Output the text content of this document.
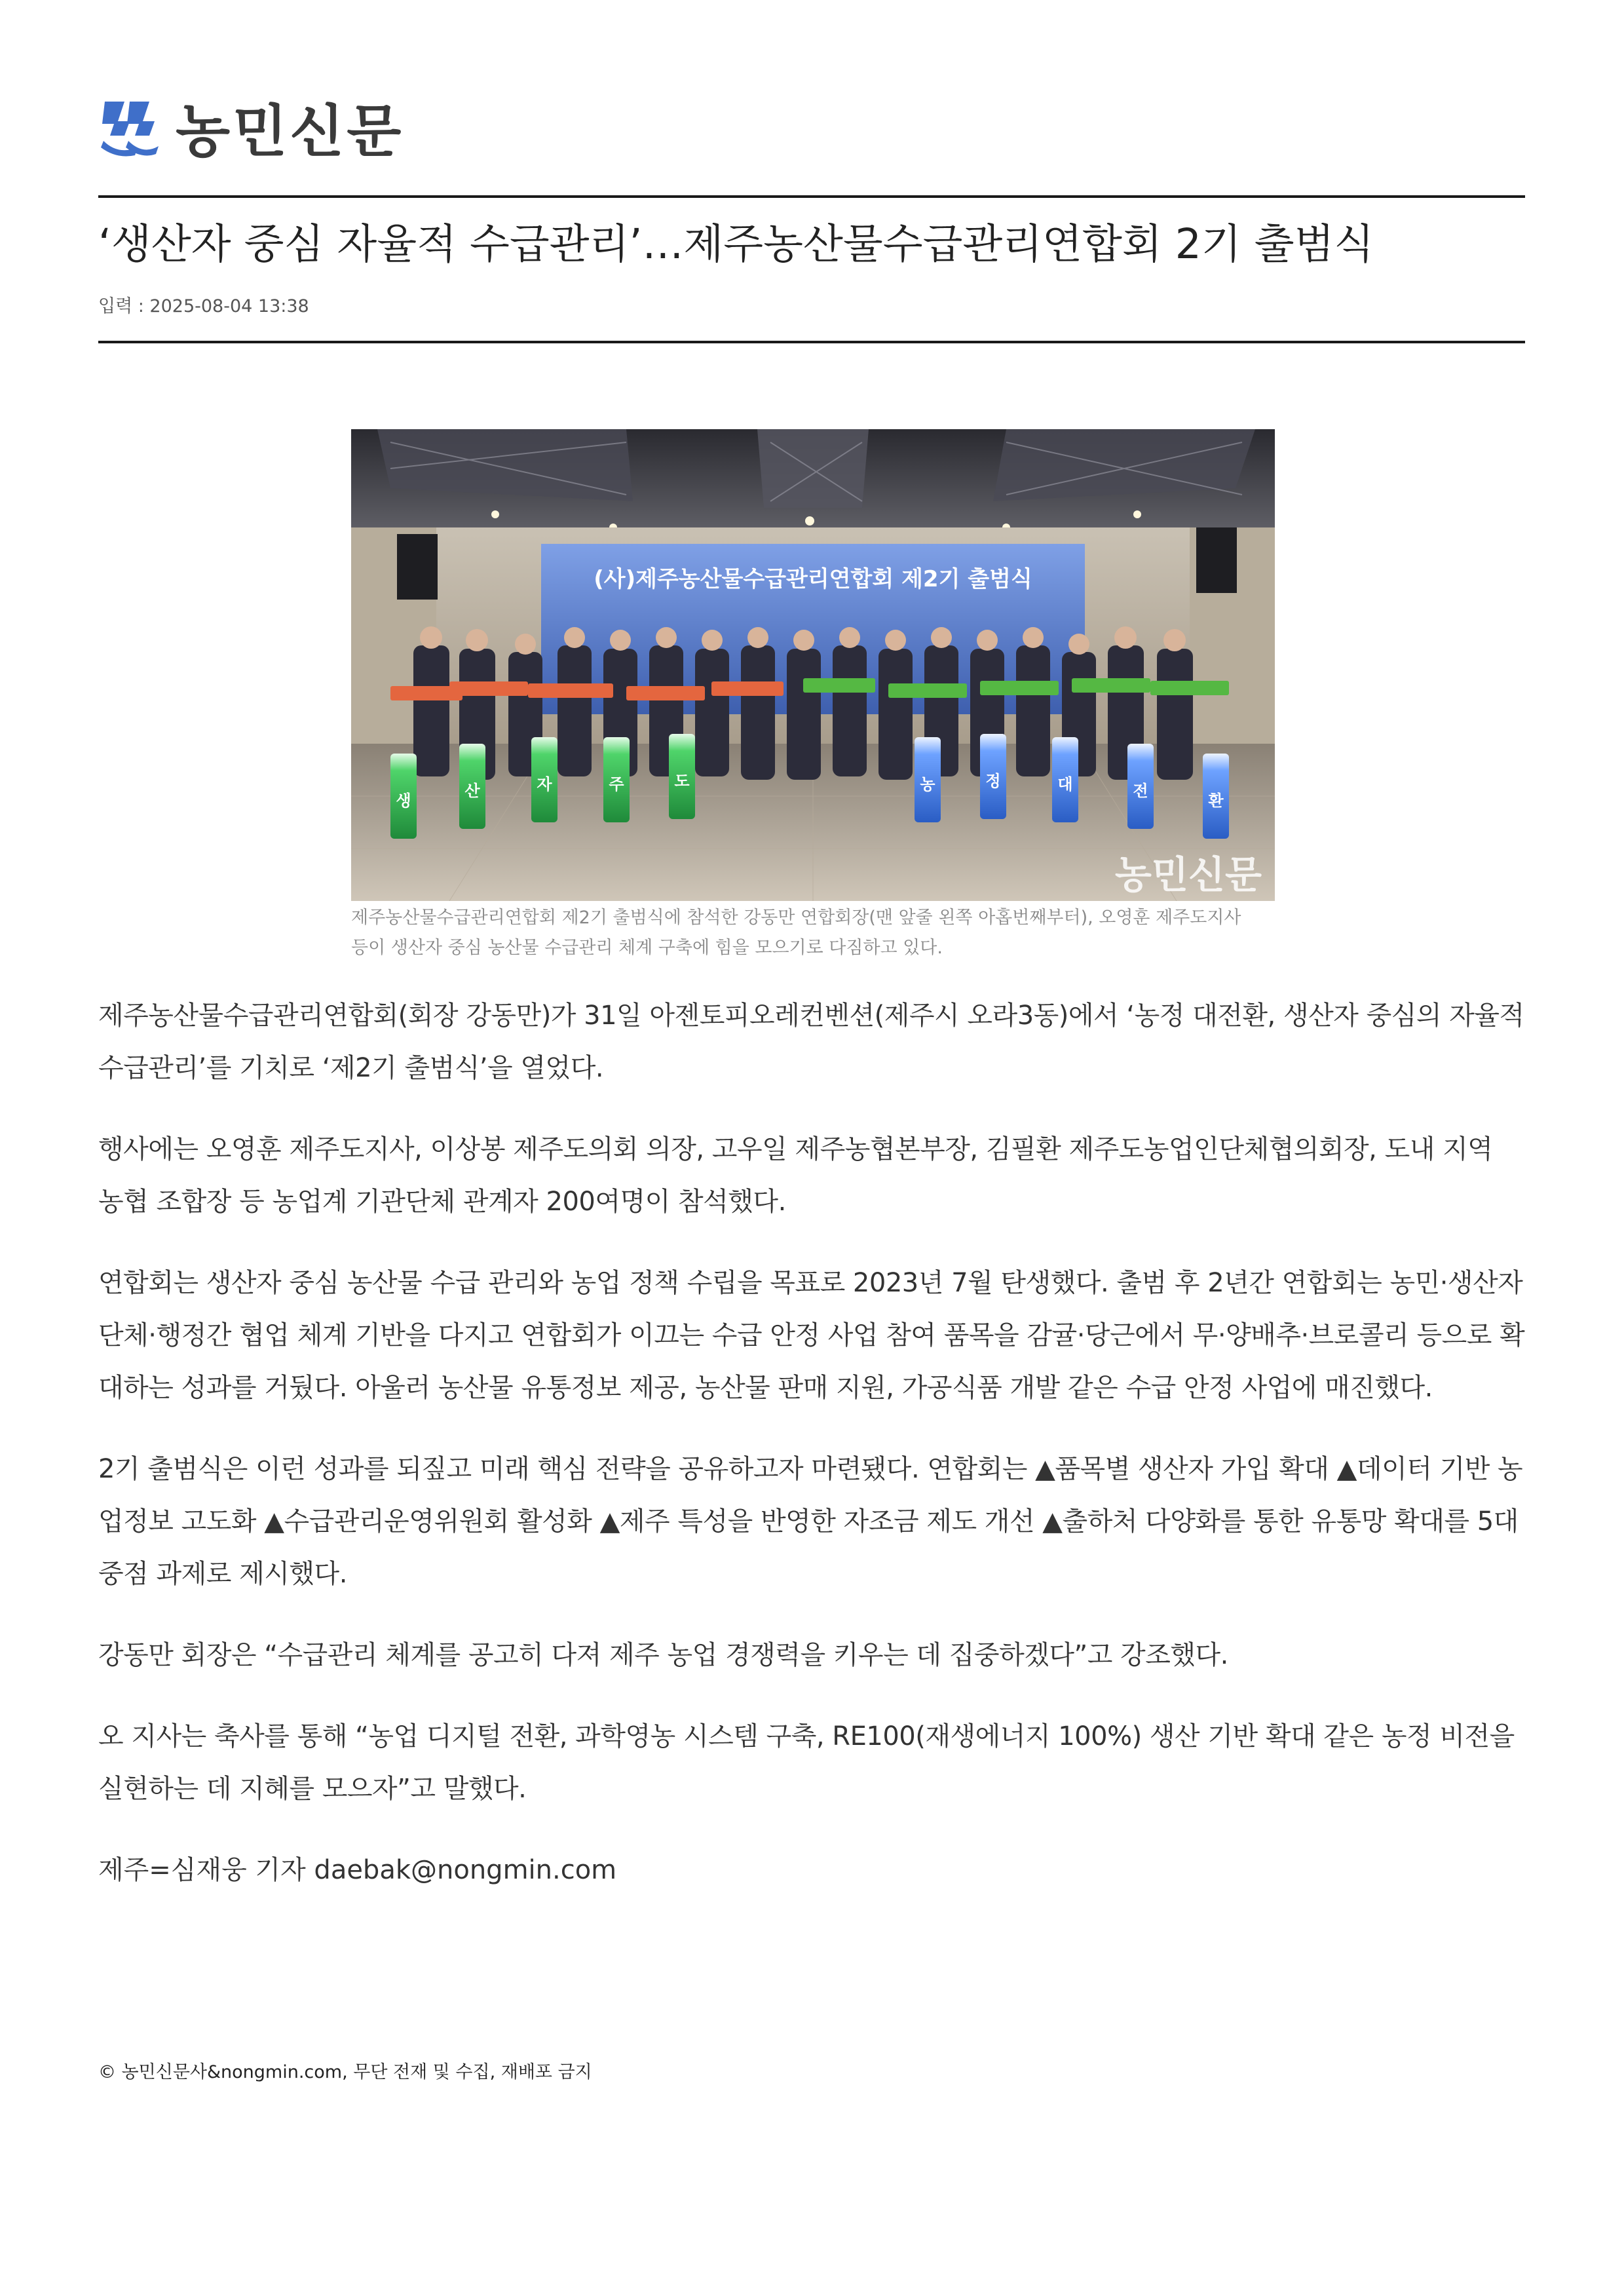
농민신문
‘생산자 중심 자율적 수급관리’…제주농산물수급관리연합회 2기 출범식
입력 : 2025-08-04 13:38
(사)제주농산물수급관리연합회 제2기 출범식
생
산	자	주	도	농	정	대	전
환
농민신문
제주농산물수급관리연합회 제2기 출범식에 참석한 강동만 연합회장(맨 앞줄 왼쪽 아홉번째부터), 오영훈 제주도지사
등이 생산자 중심 농산물 수급관리 체계 구축에 힘을 모으기로 다짐하고 있다.

제주농산물수급관리연합회(회장 강동만)가 31일 아젠토피오레컨벤션(제주시 오라3동)에서 ‘농정 대전환, 생산자 중심의 자율적 수급관리’를 기치로 ‘제2기 출범식’을 열었다.

행사에는 오영훈 제주도지사, 이상봉 제주도의회 의장, 고우일 제주농협본부장, 김필환 제주도농업인단체협의회장, 도내 지역 농협 조합장 등 농업계 기관단체 관계자 200여명이 참석했다.

연합회는 생산자 중심 농산물 수급 관리와 농업 정책 수립을 목표로 2023년 7월 탄생했다. 출범 후 2년간 연합회는 농민·생산자단체·행정간 협업 체계 기반을 다지고 연합회가 이끄는 수급 안정 사업 참여 품목을 감귤·당근에서 무·양배추·브로콜리 등으로 확대하는 성과를 거뒀다. 아울러 농산물 유통정보 제공, 농산물 판매 지원, 가공식품 개발 같은 수급 안정 사업에 매진했다.

2기 출범식은 이런 성과를 되짚고 미래 핵심 전략을 공유하고자 마련됐다. 연합회는 ▲품목별 생산자 가입 확대 ▲데이터 기반 농업정보 고도화 ▲수급관리운영위원회 활성화 ▲제주 특성을 반영한 자조금 제도 개선 ▲출하처 다양화를 통한 유통망 확대를 5대 중점 과제로 제시했다.

강동만 회장은 “수급관리 체계를 공고히 다져 제주 농업 경쟁력을 키우는 데 집중하겠다”고 강조했다.

오 지사는 축사를 통해 “농업 디지털 전환, 과학영농 시스템 구축, RE100(재생에너지 100%) 생산 기반 확대 같은 농정 비전을 실현하는 데 지혜를 모으자”고 말했다.

제주=심재웅 기자 daebak@nongmin.com

© 농민신문사&nongmin.com, 무단 전재 및 수집, 재배포 금지
